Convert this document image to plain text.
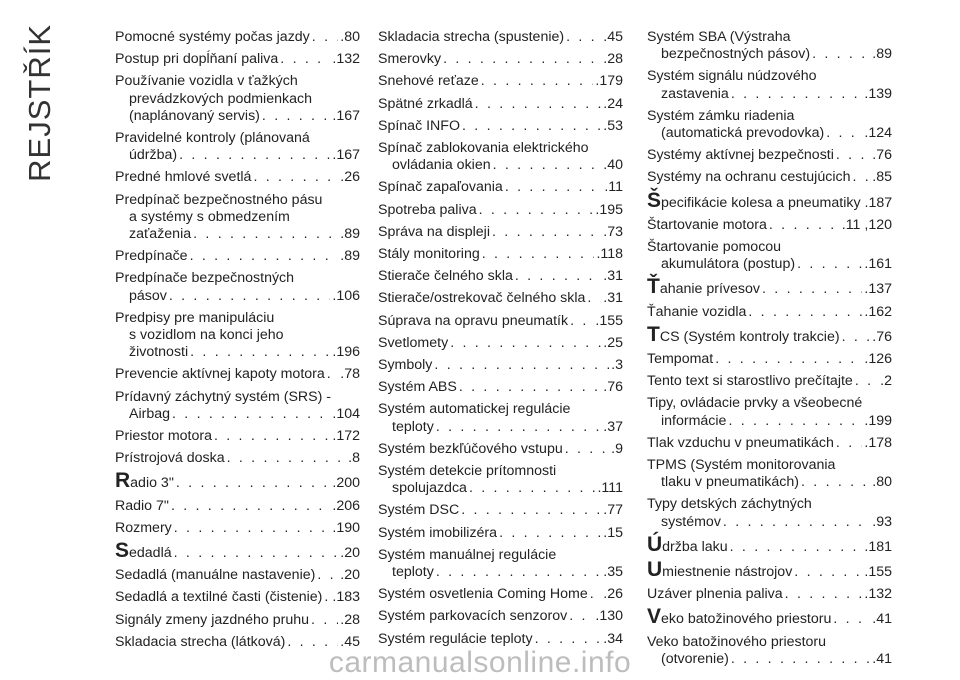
REJSTŘÍK	Pomocné systémy počas jazdy . . . .80
Postup pri dopĺňaní paliva . . .	.132
Používanie vozidla v ťažkých
prevádzkových podmienkach
(naplánovaný servis) . . .	.167
Pravidelné kontroly (plánovaná
údržba) . . .	.167
Predné hmlové svetlá . . .	.26
Predpínač bezpečnostného pásu
a systémy s obmedzením
zaťaženia . . .	.89
Predpínače . . .	.89
Predpínače bezpečnostných
pásov . . .	.106
Predpisy pre manipuláciu
s vozidlom na konci jeho
životnosti . . .	.196
Prevencie aktívnej kapoty motora . . . .78
Prídavný záchytný systém (SRS) -
Airbag . . .	.104
Priestor motora . . .	.172
Prístrojová doska . . .	.8
R adio 3" . . .	.200
Radio 7" . . .	.206
Rozmery . . .	.190
S edadlá . . .	.20
Sedadlá (manuálne nastavenie) . . . .20
Sedadlá a textilné časti (čistenie) . . . .183
Signály zmeny jazdného pruhu . . . .28
Skladacia strecha (látková) . . .	.45
Skladacia strecha (spustenie) . . .	.45
Smerovky . . .	.28
Snehové reťaze . . .	.179
Spätné zrkadlá . . .	.24
Spínač INFO . . .	.53
Spínač zablokovania elektrického
ovládania okien . . .	.40
Spínač zapaľovania . . .	.11
Spotreba paliva . . .	.195
Správa na displeji . . .	.73
Stály monitoring . . .	.118
Stierače čelného skla . . .	.31
Stierače/ostrekovač čelného skla . . . .31
Súprava na opravu pneumatík . . . .155
Svetlomety . . .	.25
Symboly . . .	.3
Systém ABS . . .	.76
Systém automatickej regulácie
teploty . . .	.37
Systém bezkľúčového vstupu . . .	.9
Systém detekcie prítomnosti
spolujazdca . . .	.111
Systém DSC . . .	.77
Systém imobilizéra . . .	.15
Systém manuálnej regulácie
teploty . . .	.35
Systém osvetlenia Coming Home . . . .26
Systém parkovacích senzorov . . . .130
Systém regulácie teploty . . .	.34
Systém SBA (Výstraha
bezpečnostných pásov) . . .	.89
Systém signálu núdzového
zastavenia . . .	.139
Systém zámku riadenia
(automatická prevodovka) . . .	.124
Systémy aktívnej bezpečnosti . . .	.76
Systémy na ochranu cestujúcich . . . .85
Š pecifikácie kolesa a pneumatiky .187
Štartovanie motora . . .	.11 ,120
Štartovanie pomocou
akumulátora (postup) . . .	.161
Ť ahanie prívesov . . .	.137
Ťahanie vozidla . . .	.162
T CS (Systém kontroly trakcie) . . . .76
Tempomat . . .	.126
Tento text si starostlivo prečítajte . . . .2
Tipy, ovládacie prvky a všeobecné
informácie . . .	.199
Tlak vzduchu v pneumatikách . . . .178
TPMS (Systém monitorovania
tlaku v pneumatikách) . . .	.80
Typy detských záchytných
systémov . . .	.93
Ú držba laku . . .	.181
U miestnenie nástrojov . . .	.155
Uzáver plnenia paliva . . .	.132
V eko batožinového priestoru . . .	.41
Veko batožinového priestoru
(otvorenie) . . .	.41
carmanualsonline.info
